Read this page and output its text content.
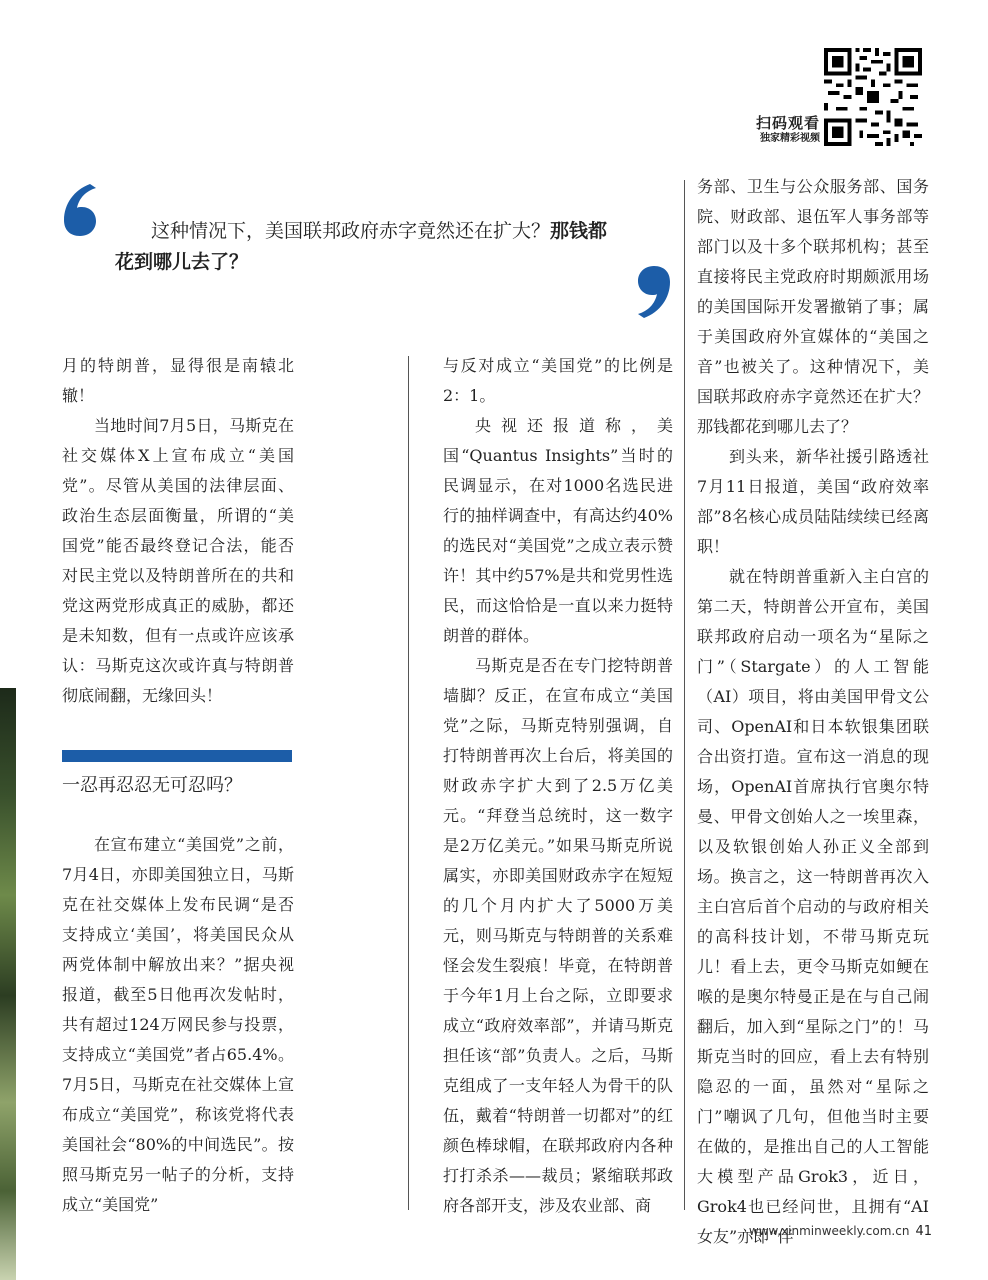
扫码观看
独家精彩视频
这种情况下，美国联邦政府赤字竟然还在扩大？那钱都花到哪儿去了？

月的特朗普，显得很是南辕北辙！

当地时间7月5日，马斯克在社交媒体X上宣布成立“美国党”。尽管从美国的法律层面、政治生态层面衡量，所谓的“美国党”能否最终登记合法，能否对民主党以及特朗普所在的共和党这两党形成真正的威胁，都还是未知数，但有一点或许应该承认：马斯克这次或许真与特朗普彻底闹翻，无缘回头！

一忍再忍忍无可忍吗？

在宣布建立“美国党”之前，7月4日，亦即美国独立日，马斯克在社交媒体上发布民调“是否支持成立‘美国’，将美国民众从两党体制中解放出来？”据央视报道，截至5日他再次发帖时，共有超过124万网民参与投票，支持成立“美国党”者占65.4%。7月5日，马斯克在社交媒体上宣布成立“美国党”，称该党将代表美国社会“80%的中间选民”。按照马斯克另一帖子的分析，支持成立“美国党”

与反对成立“美国党”的比例是2：1。

央视还报道称，美国“Quantus Insights”当时的民调显示，在对1000名选民进行的抽样调查中，有高达约40%的选民对“美国党”之成立表示赞许！其中约57%是共和党男性选民，而这恰恰是一直以来力挺特朗普的群体。

马斯克是否在专门挖特朗普墙脚？反正，在宣布成立“美国党”之际，马斯克特别强调，自打特朗普再次上台后，将美国的财政赤字扩大到了2.5万亿美元。“拜登当总统时，这一数字是2万亿美元。”如果马斯克所说属实，亦即美国财政赤字在短短的几个月内扩大了5000万美元，则马斯克与特朗普的关系难怪会发生裂痕！毕竟，在特朗普于今年1月上台之际，立即要求成立“政府效率部”，并请马斯克担任该“部”负责人。之后，马斯克组成了一支年轻人为骨干的队伍，戴着“特朗普一切都对”的红颜色棒球帽，在联邦政府内各种打打杀杀——裁员；紧缩联邦政府各部开支，涉及农业部、商

务部、卫生与公众服务部、国务院、财政部、退伍军人事务部等部门以及十多个联邦机构；甚至直接将民主党政府时期颇派用场的美国国际开发署撤销了事；属于美国政府外宣媒体的“美国之音”也被关了。这种情况下，美国联邦政府赤字竟然还在扩大？那钱都花到哪儿去了？

到头来，新华社援引路透社7月11日报道，美国“政府效率部”8名核心成员陆陆续续已经离职！

就在特朗普重新入主白宫的第二天，特朗普公开宣布，美国联邦政府启动一项名为“星际之门”（Stargate）的人工智能（AI）项目，将由美国甲骨文公司、OpenAI和日本软银集团联合出资打造。宣布这一消息的现场，OpenAI首席执行官奥尔特曼、甲骨文创始人之一埃里森，以及软银创始人孙正义全部到场。换言之，这一特朗普再次入主白宫后首个启动的与政府相关的高科技计划，不带马斯克玩儿！看上去，更令马斯克如鲠在喉的是奥尔特曼正是在与自己闹翻后，加入到“星际之门”的！马斯克当时的回应，看上去有特别隐忍的一面，虽然对“星际之门”嘲讽了几句，但他当时主要在做的，是推出自己的人工智能大模型产品Grok3，近日，Grok4也已经问世，且拥有“AI女友”亦即“伴

www.xinminweekly.com.cn 41
